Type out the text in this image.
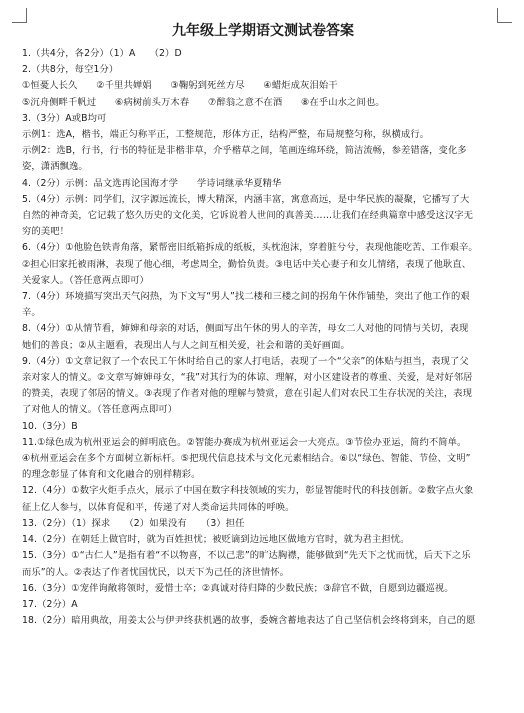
九年级上学期语文测试卷答案
1.（共4分，各2分）（1）A　　（2）D
2.（共8分，每空1分）
①恒憂人长久　　②千里共婵娟　　③鞠躬到死丝方尽　　④蜡炬成灰泪始干
⑤沉舟侧畔千帆过　　⑥病树前头万木春　　⑦醉翁之意不在酒　　⑧在乎山水之间也。
3.（3分）A或B均可
示例1：选A，楷书，端正匀称平正，工整规范，形体方正，结构严整，布局规整匀称，纵横成行。
示例2：选B，行书，行书的特征是非楷非草，介乎楷草之间，笔画连绵环绕，简洁流畅，参差错落，变化多
姿，潇洒飘逸。
4.（2分）示例：品文选再论国海才学　　学诗词继承华夏精华
5.（4分）示例：同学们，汉字源远流长，博大精深，内涵丰富，寓意高远，是中华民族的凝聚，它播写了大
自然的神奇美，它记载了悠久历史的文化美，它诉说着人世间的真善美……让我们在经典篇章中感受这汉字无
穷的美吧！
6.（4分）①他脸色铁青角落，紧帮密旧纸箱拆成的纸板，头枕泡沫，穿着脏兮兮，表现他能吃苦、工作艰辛。
②担心旧家托被雨淋，表现了他心细，考虑周全，勤恰负责。③电话中关心妻子和女儿情绪，表现了他耿直、
关爱家人。（答任意两点即可）
7.（4分）环境描写突出天气闷热，为下文写“男人”找二楼和三楼之间的拐角午休作铺垫，突出了他工作的艰
辛。
8.（4分）①从情节看，婶婶和母亲的对话，侧面写出午休的男人的辛苦，母女二人对他的同情与关切，表现
她们的善良；②从主题看，表现出人与人之间互相关爱，社会和谐的美好画面。
9.（4分）①文章记叙了一个农民工午休时给自己的家人打电话，表现了一个“父亲”的体贴与担当，表现了父
亲对家人的情义。②文章写婶婶母女，“我”对其行为的体谅、理解，对小区建设者的尊重、关爱，是对好邻居
的赞美，表现了邻居的情义。③表现了作者对他的理解与赞赏，意在引起人们对农民工生存状况的关注，表现
了对他人的情义。（答任意两点即可）
10.（3分）B
11.①绿色成为杭州亚运会的鲜明底色。②智能办赛成为杭州亚运会一大亮点。③节俭办亚运，简约不简单。
④杭州亚运会在多个方面树立新标杆。⑤把现代信息技术与文化元素相结合。⑥以“绿色、智能、节俭、文明”
的理念彰显了体育和文化融合的别样精彩。
12.（4分）①数字火炬手点火，展示了中国在数字科技领域的实力，彰显智能时代的科技创新。②数字点火象
征上亿人参与，以体育促和平，传递了对人类命运共同体的呼唤。
13.（2分）（1）探求　　（2）如果没有　　（3）担任
14.（2分）在朝廷上做官时，就为百姓担忧；被贬谪到边远地区做地方官时，就为君主担忧。
15.（3分）①“古仁人”是指有着“不以物喜，不以己悲”的旷达胸襟，能够做到“先天下之忧而忧，后天下之乐
而乐”的人。②表达了作者忧国忧民，以天下为己任的济世情怀。
16.（3分）①宠伴询敞将领时，爱惜士卒；②真诚对待归降的少数民族；③辞官不做，自愿到边疆巡视。
17.（2分）A
18.（2分）暗用典故，用姜太公与伊尹终获机遇的故事，委婉含蓄地表达了自己坚信机会终将到来，自己的愿
